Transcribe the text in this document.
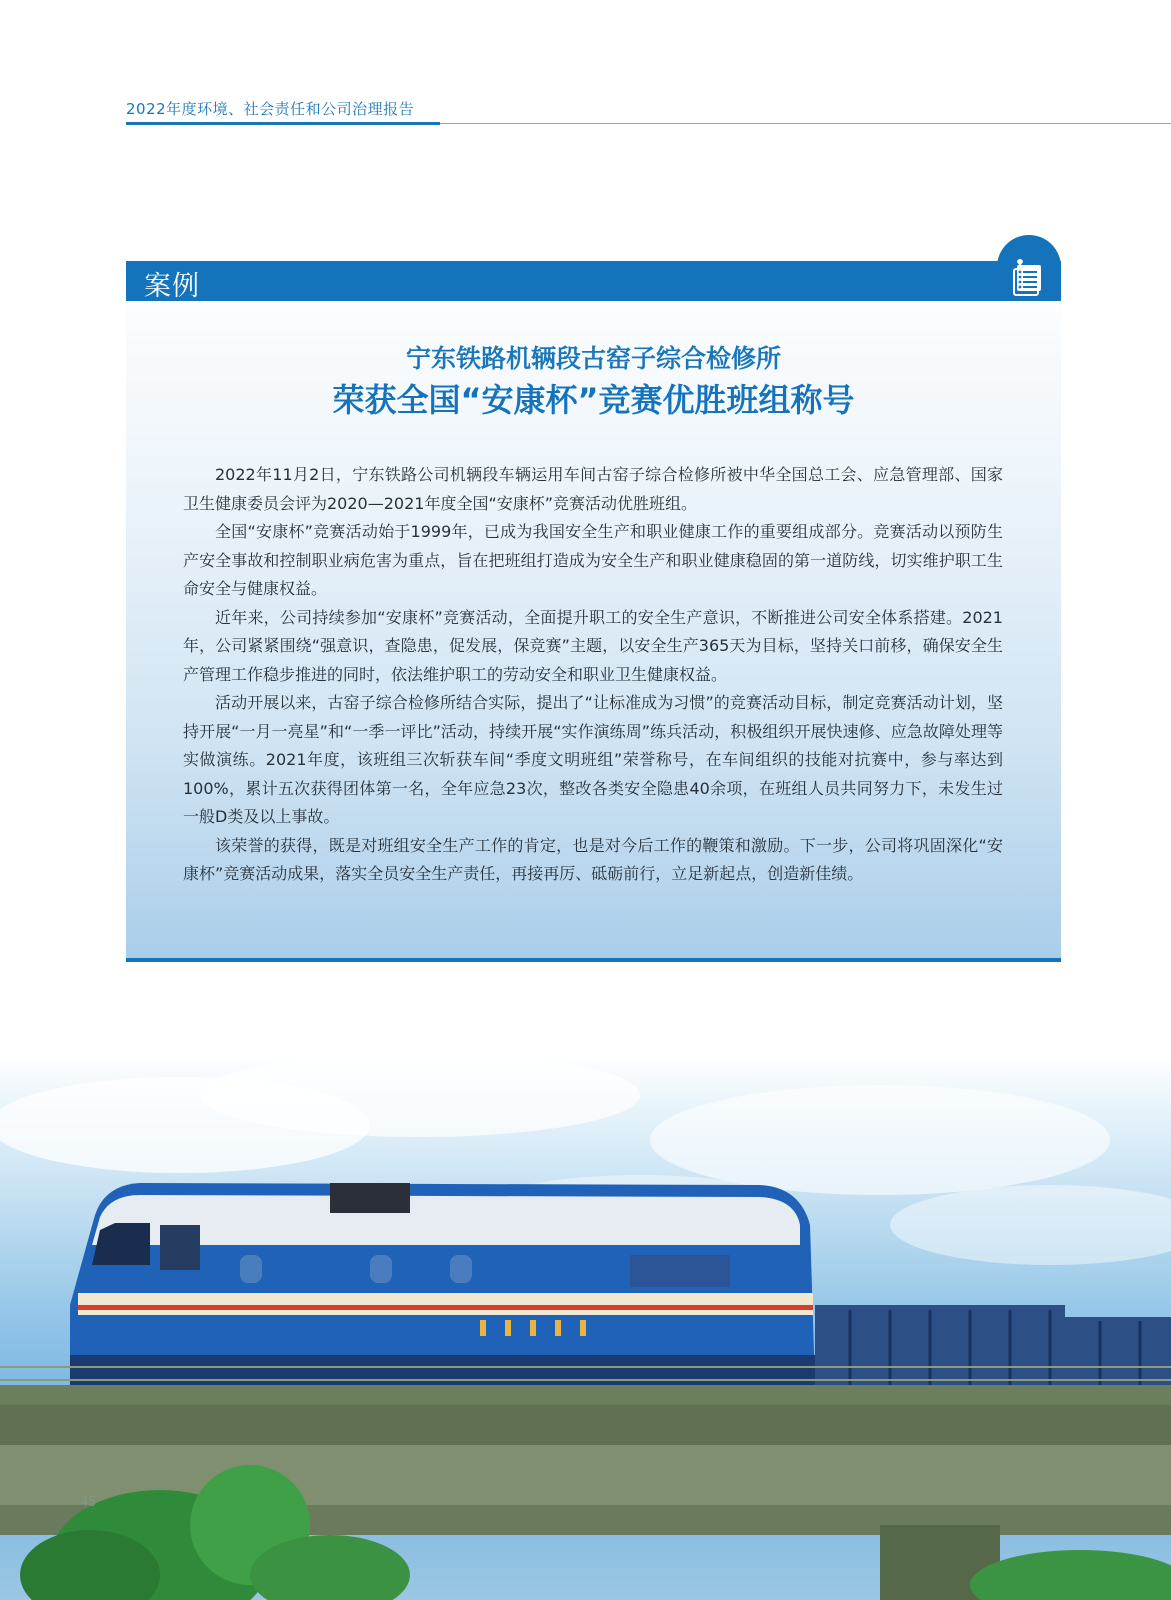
2022年度环境、社会责任和公司治理报告
案例
宁东铁路机辆段古窑子综合检修所
荣获全国“安康杯”竞赛优胜班组称号

2022年11月2日，宁东铁路公司机辆段车辆运用车间古窑子综合检修所被中华全国总工会、应急管理部、国家卫生健康委员会评为2020—2021年度全国“安康杯”竞赛活动优胜班组。

全国“安康杯”竞赛活动始于1999年，已成为我国安全生产和职业健康工作的重要组成部分。竞赛活动以预防生产安全事故和控制职业病危害为重点，旨在把班组打造成为安全生产和职业健康稳固的第一道防线，切实维护职工生命安全与健康权益。

近年来，公司持续参加“安康杯”竞赛活动，全面提升职工的安全生产意识，不断推进公司安全体系搭建。2021年，公司紧紧围绕“强意识，查隐患，促发展，保竞赛”主题，以安全生产365天为目标，坚持关口前移，确保安全生产管理工作稳步推进的同时，依法维护职工的劳动安全和职业卫生健康权益。

活动开展以来，古窑子综合检修所结合实际，提出了“让标准成为习惯”的竞赛活动目标，制定竞赛活动计划，坚持开展“一月一亮星”和“一季一评比”活动，持续开展“实作演练周”练兵活动，积极组织开展快速修、应急故障处理等实做演练。2021年度，该班组三次斩获车间“季度文明班组”荣誉称号，在车间组织的技能对抗赛中，参与率达到100%，累计五次获得团体第一名，全年应急23次，整改各类安全隐患40余项，在班组人员共同努力下，未发生过一般D类及以上事故。

该荣誉的获得，既是对班组安全生产工作的肯定，也是对今后工作的鞭策和激励。下一步，公司将巩固深化“安康杯”竞赛活动成果，落实全员安全生产责任，再接再厉、砥砺前行，立足新起点，创造新佳绩。

45
